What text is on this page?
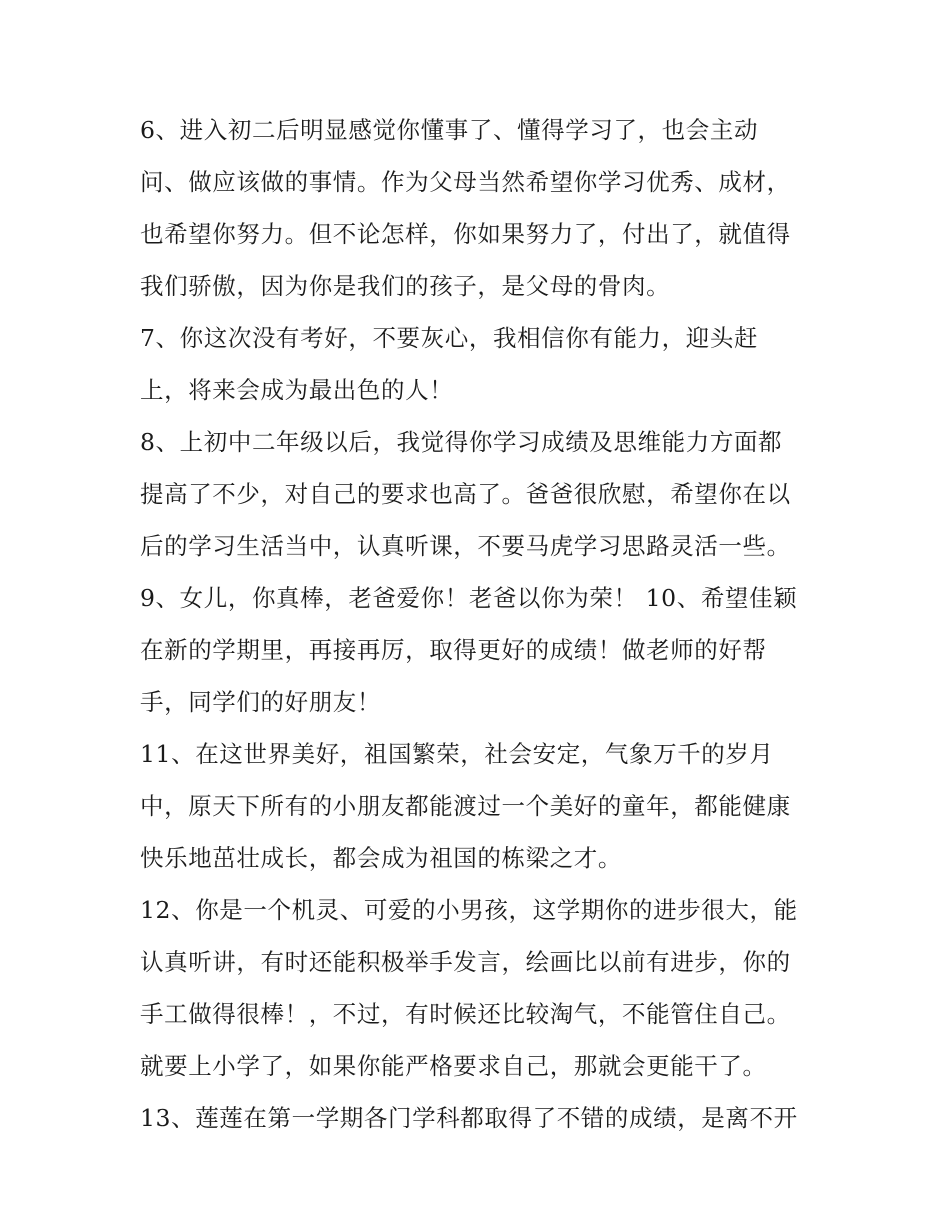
6、进入初二后明显感觉你懂事了、懂得学习了，也会主动
问、做应该做的事情。作为父母当然希望你学习优秀、成材，
也希望你努力。但不论怎样，你如果努力了，付出了，就值得
我们骄傲，因为你是我们的孩子，是父母的骨肉。
7、你这次没有考好，不要灰心，我相信你有能力，迎头赶
上，将来会成为最出色的人！
8、上初中二年级以后，我觉得你学习成绩及思维能力方面都
提高了不少，对自己的要求也高了。爸爸很欣慰，希望你在以
后的学习生活当中，认真听课，不要马虎学习思路灵活一些。
9、女儿，你真棒，老爸爱你！老爸以你为荣！ 10、希望佳颖
在新的学期里，再接再厉，取得更好的成绩！做老师的好帮
手，同学们的好朋友！
11、在这世界美好，祖国繁荣，社会安定，气象万千的岁月
中，原天下所有的小朋友都能渡过一个美好的童年，都能健康
快乐地茁壮成长，都会成为祖国的栋梁之才。
12、你是一个机灵、可爱的小男孩，这学期你的进步很大，能
认真听讲，有时还能积极举手发言，绘画比以前有进步，你的
手工做得很棒！，不过，有时候还比较淘气，不能管住自己。
就要上小学了，如果你能严格要求自己，那就会更能干了。
13、莲莲在第一学期各门学科都取得了不错的成绩，是离不开
